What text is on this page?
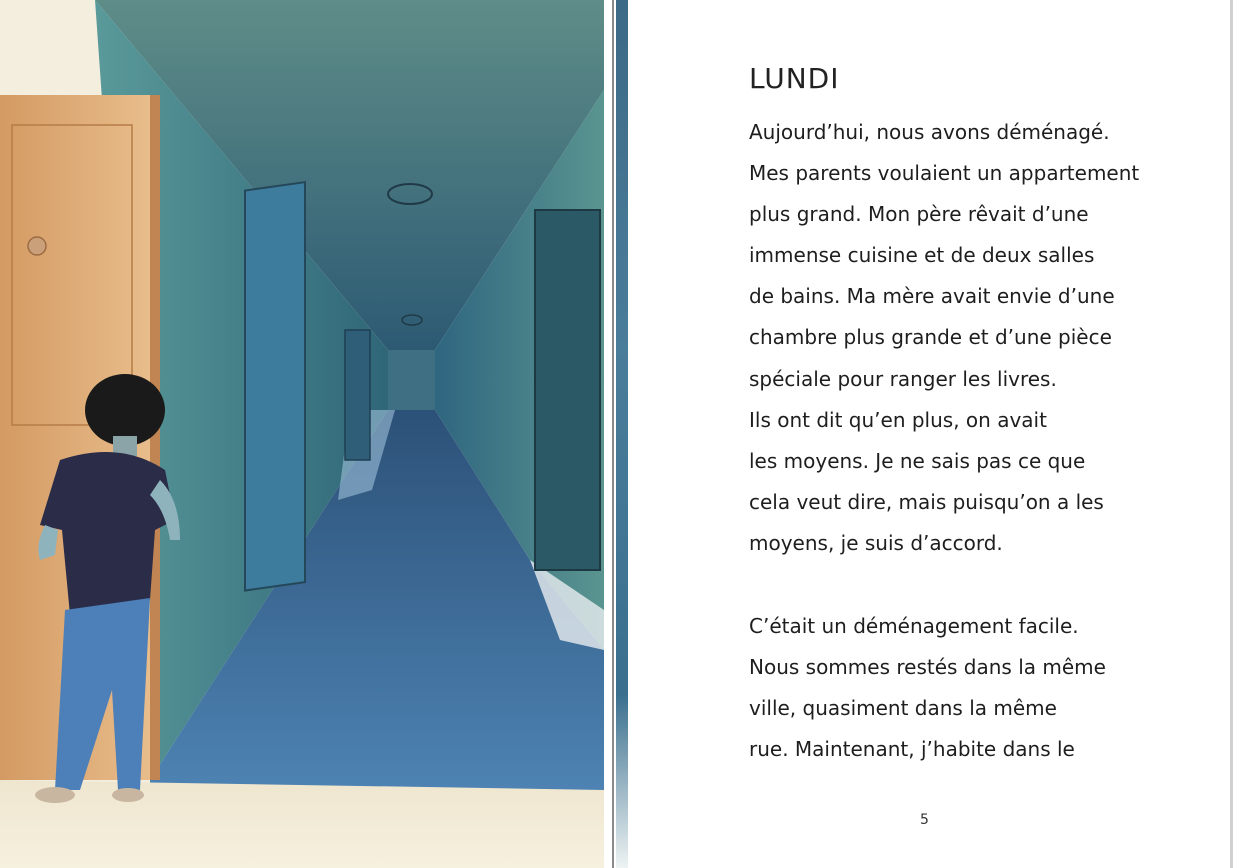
LUNDI
Aujourd’hui, nous avons déménagé.
Mes parents voulaient un appartement
plus grand. Mon père rêvait d’une
immense cuisine et de deux salles
de bains. Ma mère avait envie d’une
chambre plus grande et d’une pièce
spéciale pour ranger les livres.
Ils ont dit qu’en plus, on avait
les moyens. Je ne sais pas ce que
cela veut dire, mais puisqu’on a les
moyens, je suis d’accord.
C’était un déménagement facile.
Nous sommes restés dans la même
ville, quasiment dans la même
rue. Maintenant, j’habite dans le
5
